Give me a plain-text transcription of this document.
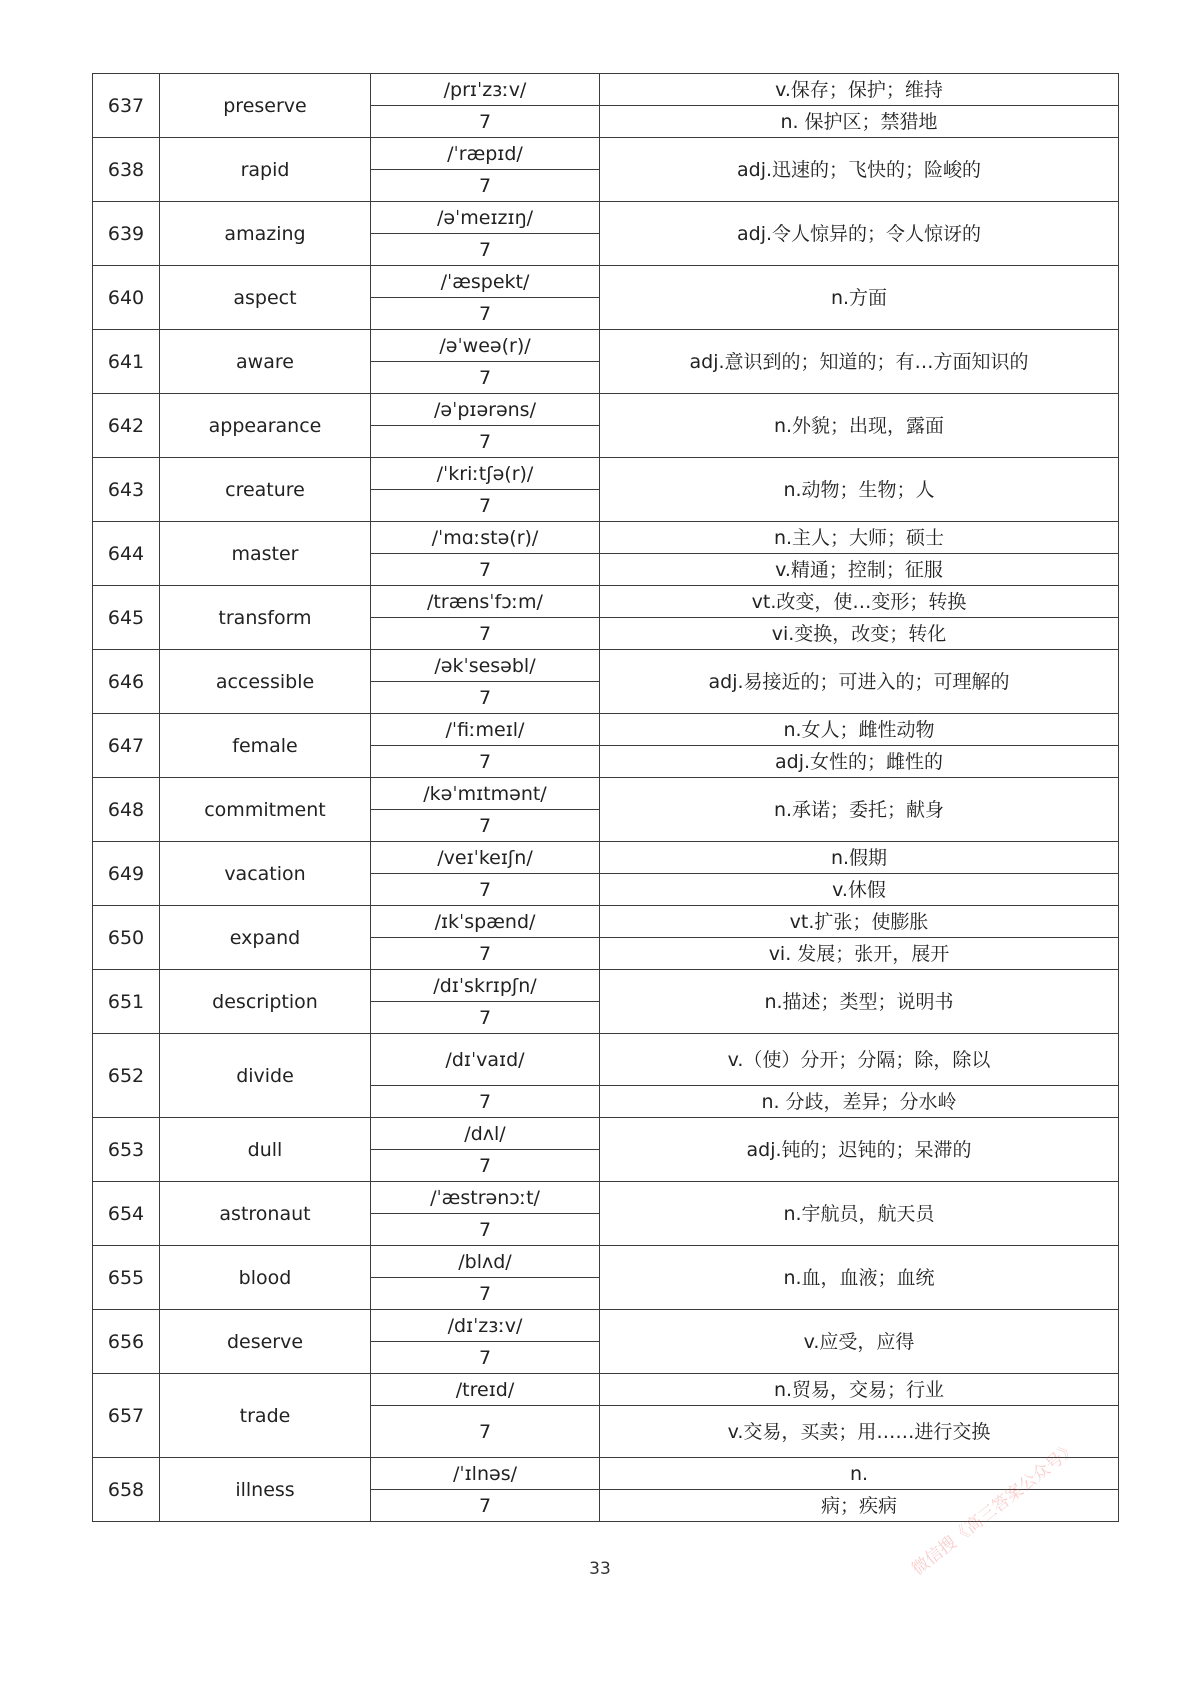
637	preserve	/prɪˈzɜːv/	v.保存；保护；维持
		7	n. 保护区；禁猎地
638	rapid	/ˈræpɪd/	adj.迅速的；飞快的；险峻的
		7	
639	amazing	/əˈmeɪzɪŋ/	adj.令人惊异的；令人惊讶的
		7	
640	aspect	/ˈæspekt/	n.方面
		7	
641	aware	/əˈweə(r)/	adj.意识到的；知道的；有…方面知识的
		7	
642	appearance	/əˈpɪərəns/	n.外貌；出现，露面
		7	
643	creature	/ˈkriːtʃə(r)/	n.动物；生物；人
		7	
644	master	/ˈmɑːstə(r)/	n.主人；大师；硕士
		7	v.精通；控制；征服
645	transform	/trænsˈfɔːm/	vt.改变，使…变形；转换
		7	vi.变换，改变；转化
646	accessible	/əkˈsesəbl/	adj.易接近的；可进入的；可理解的
		7	
647	female	/ˈfiːmeɪl/	n.女人；雌性动物
		7	adj.女性的；雌性的
648	commitment	/kəˈmɪtmənt/	n.承诺；委托；献身
		7	
649	vacation	/veɪˈkeɪʃn/	n.假期
		7	v.休假
650	expand	/ɪkˈspænd/	vt.扩张；使膨胀
		7	vi. 发展；张开，展开
651	description	/dɪˈskrɪpʃn/	n.描述；类型；说明书
		7	
652	divide	/dɪˈvaɪd/	v.（使）分开；分隔；除，除以
		7	n. 分歧，差异；分水岭
653	dull	/dʌl/	adj.钝的；迟钝的；呆滞的
		7	
654	astronaut	/ˈæstrənɔːt/	n.宇航员，航天员
		7	
655	blood	/blʌd/	n.血，血液；血统
		7	
656	deserve	/dɪˈzɜːv/	v.应受，应得
		7	
657	trade	/treɪd/	n.贸易，交易；行业
		7	v.交易，买卖；用……进行交换
658	illness	/ˈɪlnəs/	n.
		7	病；疾病
33	微信搜《高三答案公众号》
